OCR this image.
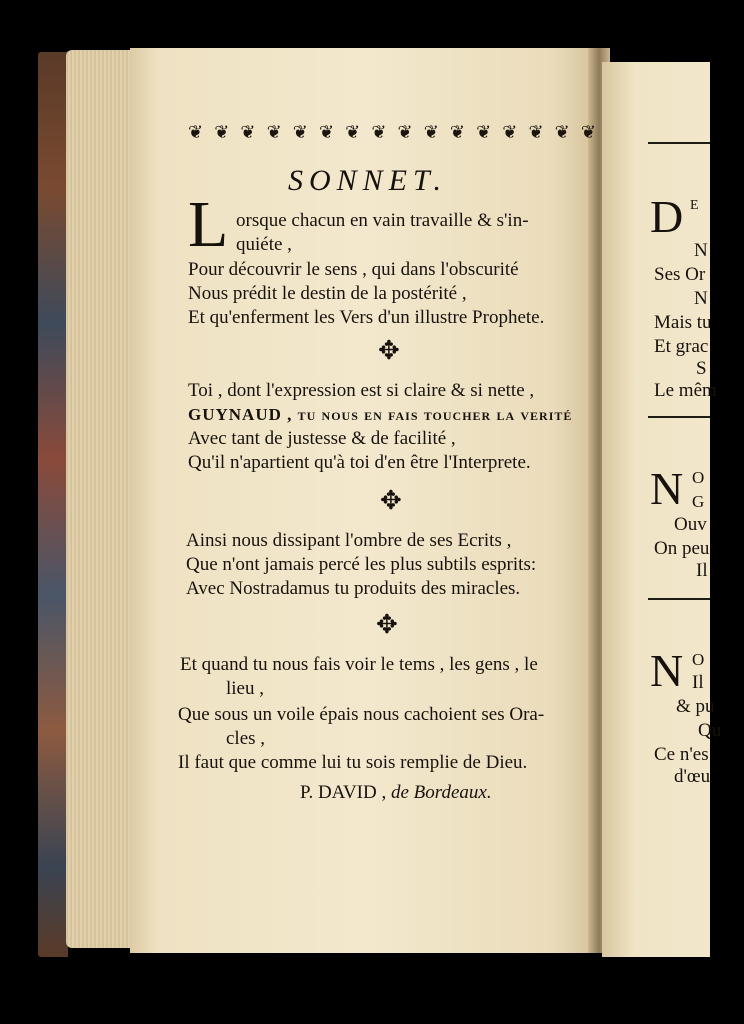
❦ ❦ ❦ ❦ ❦ ❦ ❦ ❦ ❦ ❦ ❦ ❦ ❦ ❦ ❦ ❦
SONNET.
L orsque chacun en vain travaille & s'in-
quiéte ,
Pour découvrir le sens , qui dans l'obscurité
Nous prédit le destin de la postérité ,
Et qu'enferment les Vers d'un illustre Prophete.
✥
Toi , dont l'expression est si claire & si nette ,
GUYNAUD , tu nous en fais toucher la verité
Avec tant de justesse & de facilité ,
Qu'il n'apartient qu'à toi d'en être l'Interprete.
✥
Ainsi nous dissipant l'ombre de ses Ecrits ,
Que n'ont jamais percé les plus subtils esprits:
Avec Nostradamus tu produits des miracles.
✥
Et quand tu nous fais voir le tems , les gens , le
lieu ,
Que sous un voile épais nous cachoient ses Ora-
cles ,
Il faut que comme lui tu sois remplie de Dieu.
P. DAVID , de Bordeaux.
D E
N
Ses Or
N
Mais tu
Et grac
S
Le mêm
N O
G
Ouv
On peu
Il
N O
Il
& pu
Qu
Ce n'es
d'œu
